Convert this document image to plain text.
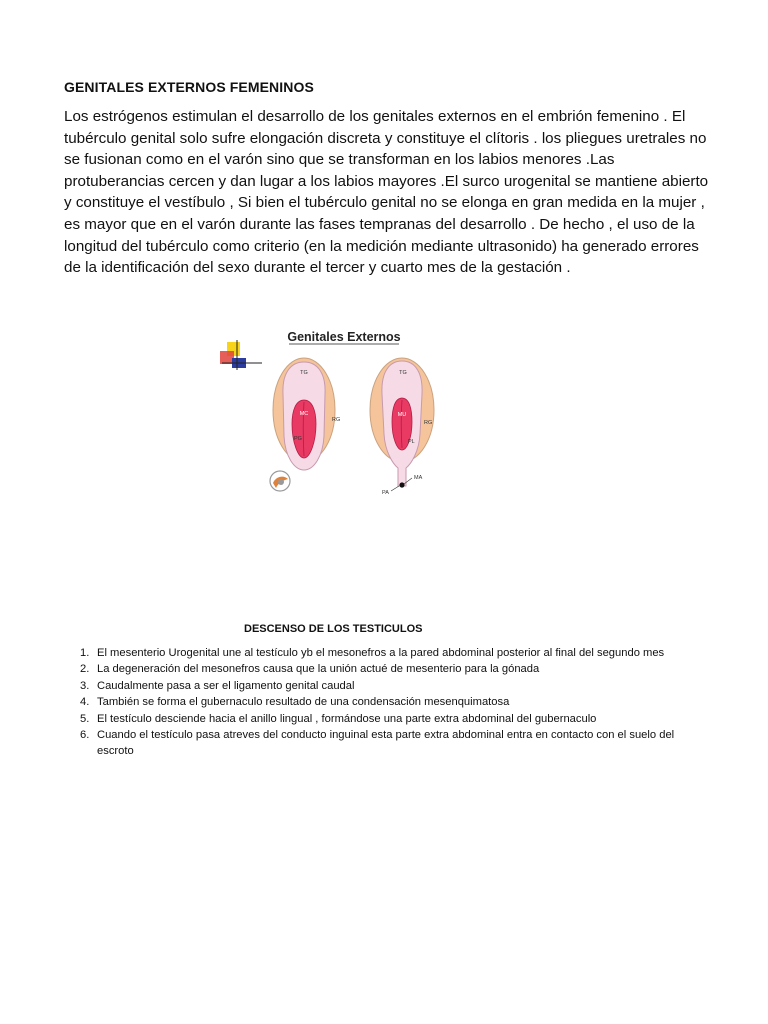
GENITALES EXTERNOS FEMENINOS

Los estrógenos estimulan el desarrollo de los genitales externos en el embrión femenino . El tubérculo genital solo sufre elongación discreta y constituye el clítoris . los pliegues uretrales no se fusionan como en el varón sino que se transforman en los labios menores .Las protuberancias cercen y dan lugar a los labios mayores .El surco urogenital se mantiene abierto y constituye el vestíbulo , Si bien el tubérculo genital no se elonga en gran medida en la mujer , es mayor que en el varón durante las fases tempranas del desarrollo . De hecho , el uso de la longitud del tubérculo como criterio (en la medición mediante ultrasonido) ha generado errores de la identificación del sexo durante el tercer y cuarto mes de la gestación .

Genitales Externos
TG
MC
RG
PG
TG
MU
RG
PL
MA
PA
DESCENSO DE LOS TESTICULOS
1. El mesenterio Urogenital une al testículo yb el mesonefros a la pared abdominal posterior al final del segundo mes
2. La degeneración del mesonefros causa que la unión actué de mesenterio para la gónada
3. Caudalmente pasa a ser el ligamento genital caudal
4. También se forma el gubernaculo resultado de una condensación mesenquimatosa
5. El testículo desciende hacia el anillo lingual , formándose una parte extra abdominal del gubernaculo
6. Cuando el testículo pasa atreves del conducto inguinal esta parte extra abdominal entra en contacto con el suelo del escroto
